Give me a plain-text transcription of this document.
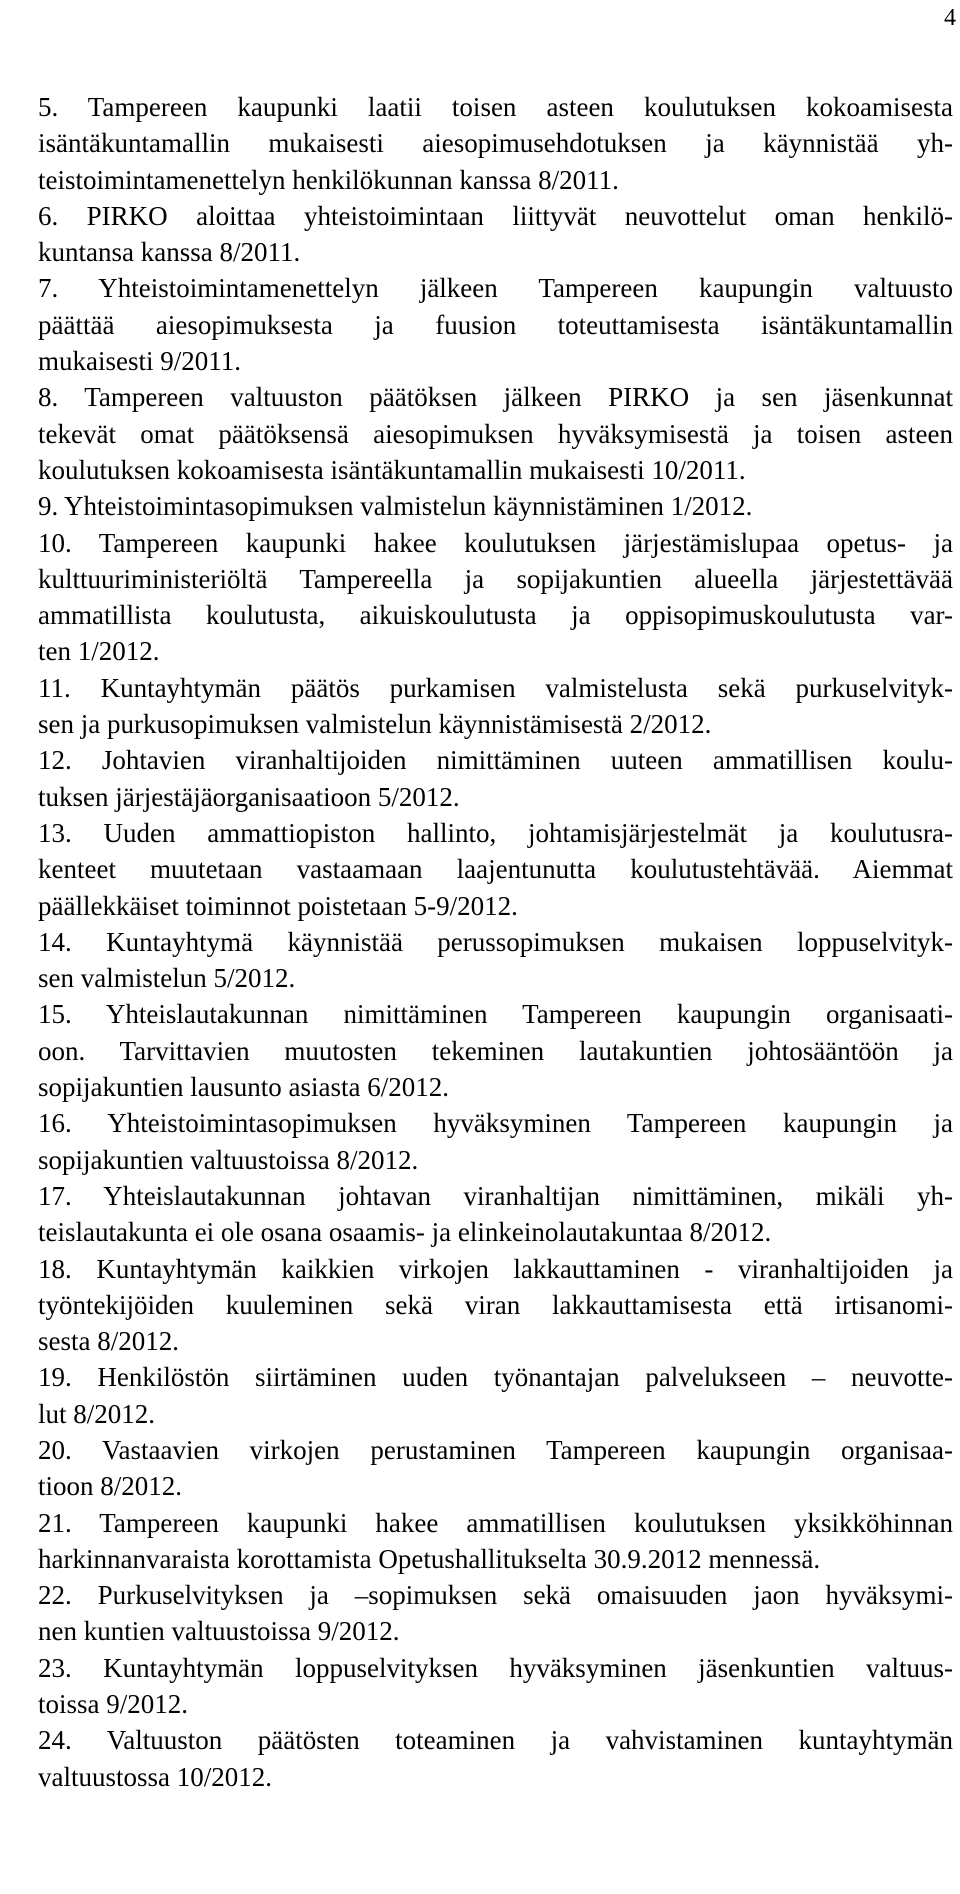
4

5. Tampereen kaupunki laatii toisen asteen koulutuksen kokoamisesta
isäntäkuntamallin mukaisesti aiesopimusehdotuksen ja käynnistää yh-
teistoimintamenettelyn henkilökunnan kanssa 8/2011.

6. PIRKO aloittaa yhteistoimintaan liittyvät neuvottelut oman henkilö-
kuntansa kanssa 8/2011.

7. Yhteistoimintamenettelyn jälkeen Tampereen kaupungin valtuusto
päättää aiesopimuksesta ja fuusion toteuttamisesta isäntäkuntamallin
mukaisesti 9/2011.

8. Tampereen valtuuston päätöksen jälkeen PIRKO ja sen jäsenkunnat
tekevät omat päätöksensä aiesopimuksen hyväksymisestä ja toisen asteen
koulutuksen kokoamisesta isäntäkuntamallin mukaisesti 10/2011.

9. Yhteistoimintasopimuksen valmistelun käynnistäminen 1/2012.

10. Tampereen kaupunki hakee koulutuksen järjestämislupaa opetus- ja
kulttuuriministeriöltä Tampereella ja sopijakuntien alueella järjestettävää
ammatillista koulutusta, aikuiskoulutusta ja oppisopimuskoulutusta var-
ten 1/2012.

11. Kuntayhtymän päätös purkamisen valmistelusta sekä purkuselvityk-
sen ja purkusopimuksen valmistelun käynnistämisestä 2/2012.

12. Johtavien viranhaltijoiden nimittäminen uuteen ammatillisen koulu-
tuksen järjestäjäorganisaatioon 5/2012.

13. Uuden ammattiopiston hallinto, johtamisjärjestelmät ja koulutusra-
kenteet muutetaan vastaamaan laajentunutta koulutustehtävää. Aiemmat
päällekkäiset toiminnot poistetaan 5-9/2012.

14. Kuntayhtymä käynnistää perussopimuksen mukaisen loppuselvityk-
sen valmistelun 5/2012.

15. Yhteislautakunnan nimittäminen Tampereen kaupungin organisaati-
oon. Tarvittavien muutosten tekeminen lautakuntien johtosääntöön ja
sopijakuntien lausunto asiasta 6/2012.

16. Yhteistoimintasopimuksen hyväksyminen Tampereen kaupungin ja
sopijakuntien valtuustoissa 8/2012.

17. Yhteislautakunnan johtavan viranhaltijan nimittäminen, mikäli yh-
teislautakunta ei ole osana osaamis- ja elinkeinolautakuntaa 8/2012.

18. Kuntayhtymän kaikkien virkojen lakkauttaminen - viranhaltijoiden ja
työntekijöiden kuuleminen sekä viran lakkauttamisesta että irtisanomi-
sesta 8/2012.

19. Henkilöstön siirtäminen uuden työnantajan palvelukseen – neuvotte-
lut 8/2012.

20. Vastaavien virkojen perustaminen Tampereen kaupungin organisaa-
tioon 8/2012.

21. Tampereen kaupunki hakee ammatillisen koulutuksen yksikköhinnan
harkinnanvaraista korottamista Opetushallitukselta 30.9.2012 mennessä.

22. Purkuselvityksen ja –sopimuksen sekä omaisuuden jaon hyväksymi-
nen kuntien valtuustoissa 9/2012.

23. Kuntayhtymän loppuselvityksen hyväksyminen jäsenkuntien valtuus-
toissa 9/2012.

24. Valtuuston päätösten toteaminen ja vahvistaminen kuntayhtymän
valtuustossa 10/2012.
